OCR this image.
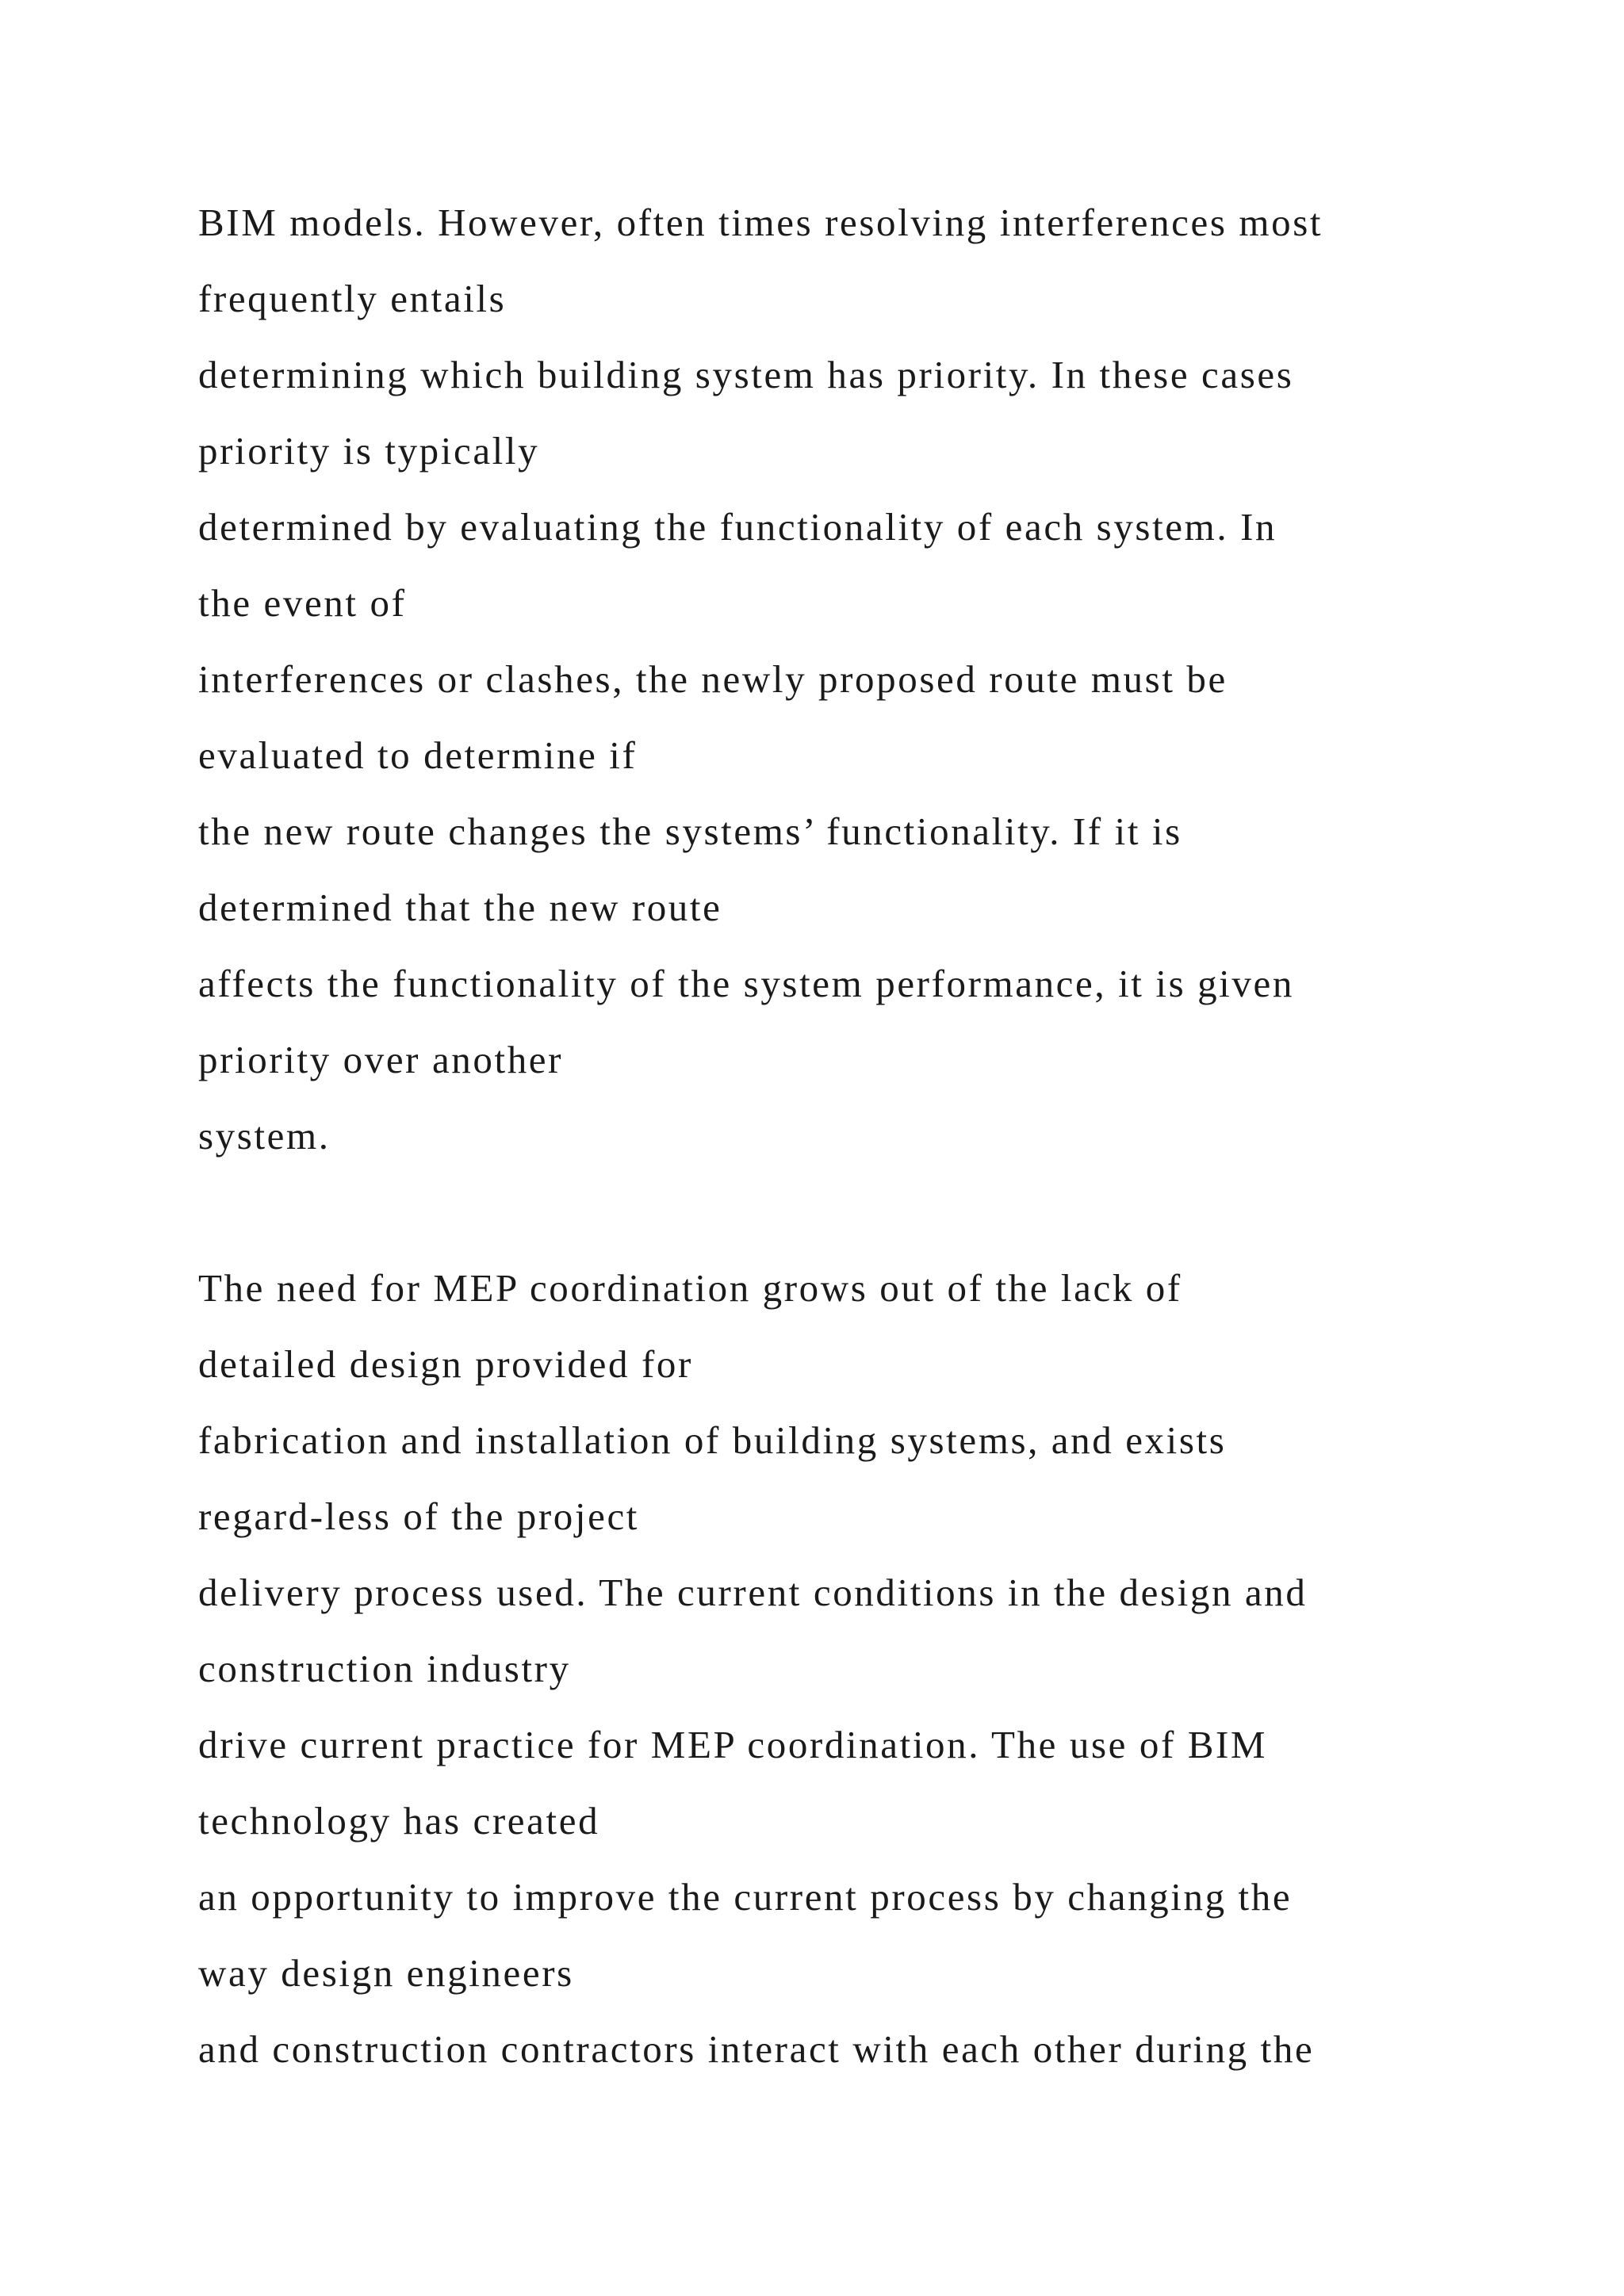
BIM models. However, often times resolving interferences most
frequently entails
determining which building system has priority. In these cases
priority is typically
determined by evaluating the functionality of each system. In
the event of
interferences or clashes, the newly proposed route must be
evaluated to determine if
the new route changes the systems’ functionality. If it is
determined that the new route
affects the functionality of the system performance, it is given
priority over another
system.
The need for MEP coordination grows out of the lack of
detailed design provided for
fabrication and installation of building systems, and exists
regard-less of the project
delivery process used. The current conditions in the design and
construction industry
drive current practice for MEP coordination. The use of BIM
technology has created
an opportunity to improve the current process by changing the
way design engineers
and construction contractors interact with each other during the
